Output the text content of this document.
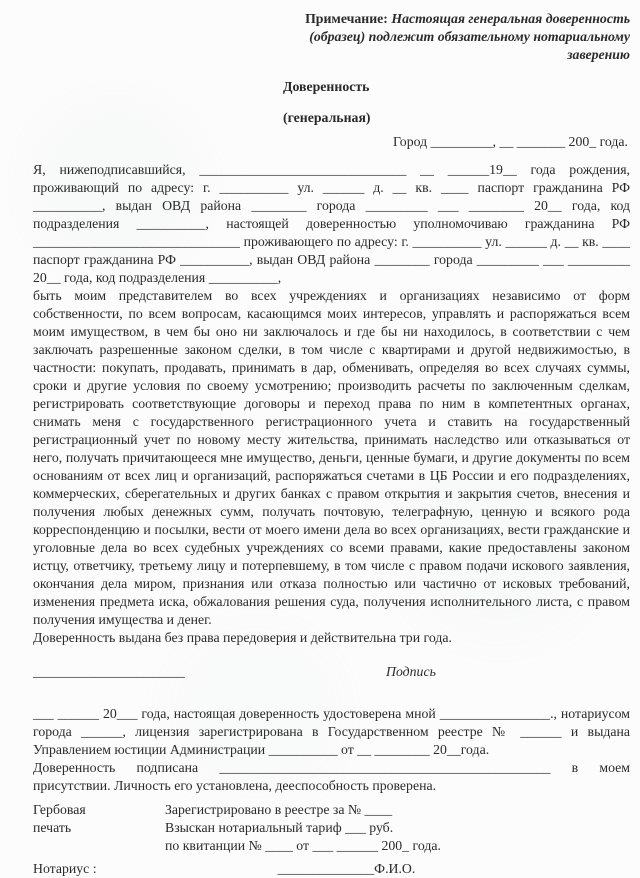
Примечание: Настоящая генеральная доверенность (образец) подлежит обязательному нотариальному заверению
Доверенность
(генеральная)
Город _________, __ _______ 200_ года.

Я, нижеподписавшийся, ______________________________ __ ______19__ года рождения, проживающий по адресу: г. __________ ул. ______ д. __ кв. ____ паспорт гражданина РФ __________, выдан ОВД района ________ города _________ ___ ________ 20__ года, код подразделения __________, настоящей доверенностью уполномочиваю гражданина РФ ______________________________ проживающего по адресу: г. __________ ул. ______ д. __ кв. ____ паспорт гражданина РФ __________, выдан ОВД района ________ города _________ ___ _________ 20__ года, код подразделения __________,

быть моим представителем во всех учреждениях и организациях независимо от форм собственности, по всем вопросам, касающимся моих интересов, управлять и распоряжаться всем моим имуществом, в чем бы оно ни заключалось и где бы ни находилось, в соответствии с чем заключать разрешенные законом сделки, в том числе с квартирами и другой недвижимостью, в частности: покупать, продавать, принимать в дар, обменивать, определяя во всех случаях суммы, сроки и другие условия по своему усмотрению; производить расчеты по заключенным сделкам, регистрировать соответствующие договоры и переход права по ним в компетентных органах, снимать меня с государственного регистрационного учета и ставить на государственный регистрационный учет по новому месту жительства, принимать наследство или отказываться от него, получать причитающееся мне имущество, деньги, ценные бумаги, и другие документы по всем основаниям от всех лиц и организаций, распоряжаться счетами в ЦБ России и его подразделениях, коммерческих, сберегательных и других банках с правом открытия и закрытия счетов, внесения и получения любых денежных сумм, получать почтовую, телеграфную, ценную и всякого рода корреспонденцию и посылки, вести от моего имени дела во всех организациях, вести гражданские и уголовные дела во всех судебных учреждениях со всеми правами, какие предоставлены законом истцу, ответчику, третьему лицу и потерпевшему, в том числе с правом подачи искового заявления, окончания дела миром, признания или отказа полностью или частично от исковых требований, изменения предмета иска, обжалования решения суда, получения исполнительного листа, с правом получения имущества и денег.

Доверенность выдана без права передоверия и действительна три года.

______________________	Подпись

___ ______ 20___ года, настоящая доверенность удостоверена мной ________________., нотариусом города ______, лицензия зарегистрирована в Государственном реестре № ______ и выдана Управлением юстиции Администрации __________ от __ ________ 20__года.

Доверенность подписана ________________________________________________ в моем присутствии. Личность его установлена, дееспособность проверена.

Гербовая
печать
Зарегистрировано в реестре за № ____
Взыскан нотариальный тариф ___ руб.
по квитанции № ____ от ___ ______ 200_ года.
Нотариус :	______________Ф.И.О.
